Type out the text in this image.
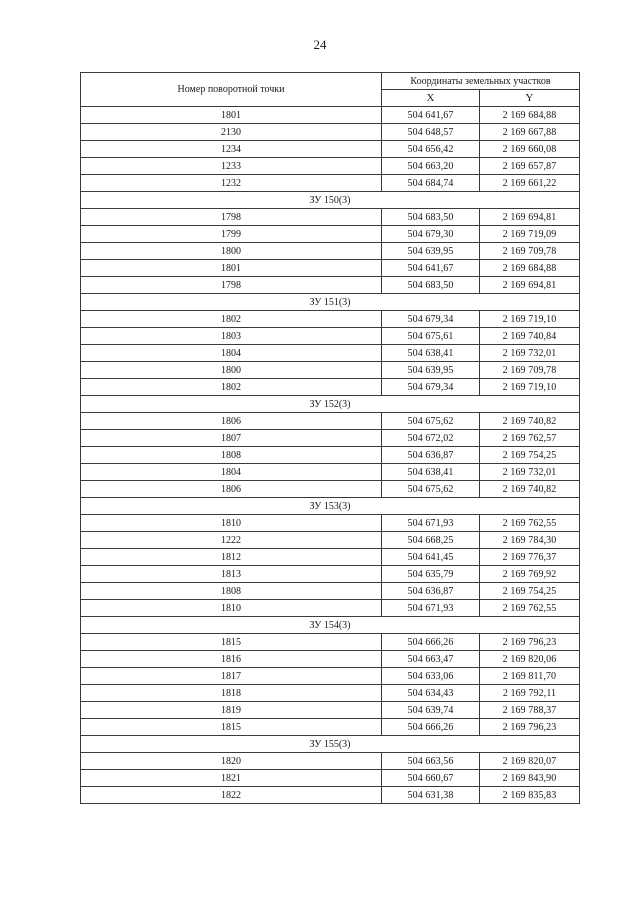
24
Номер поворотной точки	Координаты земельных участков	
	X	Y
1801	504 641,67	2 169 684,88
2130	504 648,57	2 169 667,88
1234	504 656,42	2 169 660,08
1233	504 663,20	2 169 657,87
1232	504 684,74	2 169 661,22
ЗУ 150(3)		
1798	504 683,50	2 169 694,81
1799	504 679,30	2 169 719,09
1800	504 639,95	2 169 709,78
1801	504 641,67	2 169 684,88
1798	504 683,50	2 169 694,81
ЗУ 151(3)		
1802	504 679,34	2 169 719,10
1803	504 675,61	2 169 740,84
1804	504 638,41	2 169 732,01
1800	504 639,95	2 169 709,78
1802	504 679,34	2 169 719,10
ЗУ 152(3)		
1806	504 675,62	2 169 740,82
1807	504 672,02	2 169 762,57
1808	504 636,87	2 169 754,25
1804	504 638,41	2 169 732,01
1806	504 675,62	2 169 740,82
ЗУ 153(3)		
1810	504 671,93	2 169 762,55
1222	504 668,25	2 169 784,30
1812	504 641,45	2 169 776,37
1813	504 635,79	2 169 769,92
1808	504 636,87	2 169 754,25
1810	504 671,93	2 169 762,55
ЗУ 154(3)		
1815	504 666,26	2 169 796,23
1816	504 663,47	2 169 820,06
1817	504 633,06	2 169 811,70
1818	504 634,43	2 169 792,11
1819	504 639,74	2 169 788,37
1815	504 666,26	2 169 796,23
ЗУ 155(3)		
1820	504 663,56	2 169 820,07
1821	504 660,67	2 169 843,90
1822	504 631,38	2 169 835,83
